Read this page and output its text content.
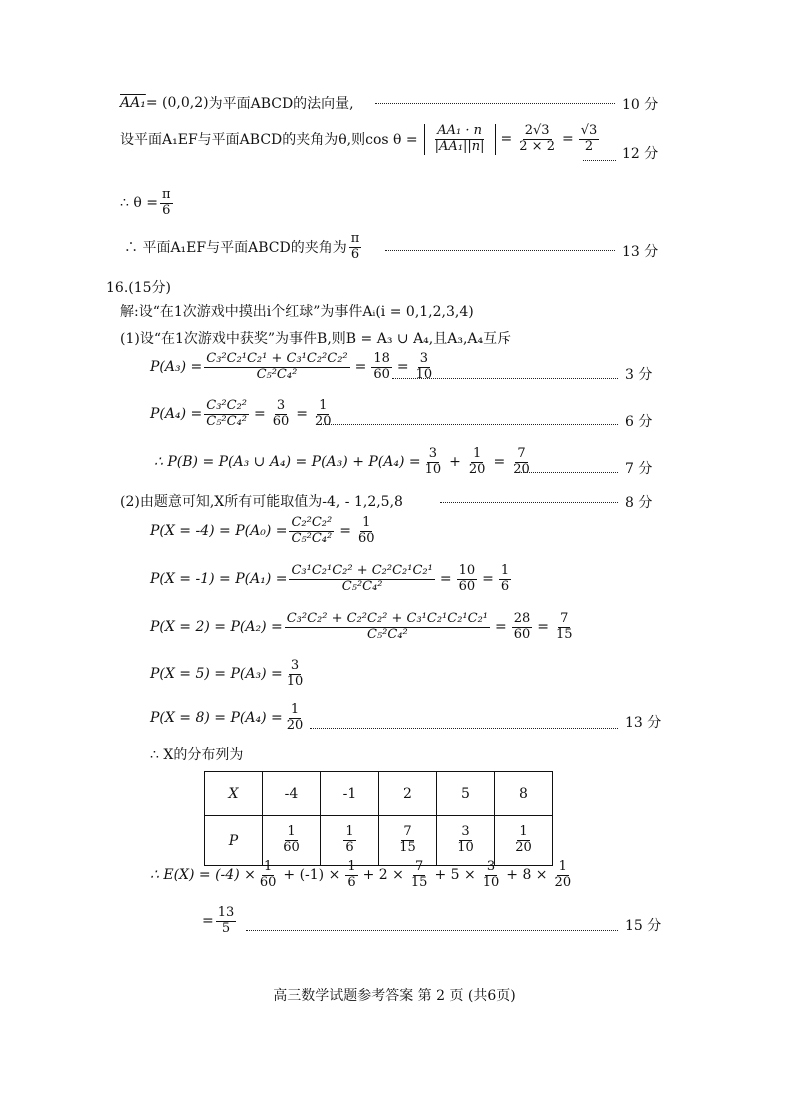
AA₁ = (0,0,2) 为平面ABCD的法向量,	10 分
设平面A₁EF与平面ABCD的夹角为θ,则$\cos \theta = \frac{\text{AA₁ · n}}{\text{|AA₁||n|}} = \frac{2√3}{2 \times 2} = \frac{√3}{2} 12$ 分
∴ $\theta = \frac{\pi}{6}$
∴ 平面A₁EF与平面ABCD的夹角为 $\frac{\pi}{6}$	13 分
16.(15分)
解:设“在1次游戏中摸出i个红球”为事件Aᵢ(i = 0,1,2,3,4)
(1)设“在1次游戏中获奖”为事件B,则B = A₃ ∪ A₄,且A₃,A₄互斥
$P(A_3) = \frac{\text{C₃²C₂¹C₂¹ + C₃¹C₂²C₂²}}{\text{C₅²C₄²}} = \frac{18}{60} = \frac{3}{10}$	3 分
$P(A_4) = \frac{\text{C₃²C₂²}}{\text{C₅²C₄²}} = \frac{3}{60} = \frac{1}{20}$	6 分
∴ P(B) = P(A₃ ∪ $A_4) = P(A_3) + P(A_4) = \frac{3}{10} + \frac{1}{20} = \frac{7}{20}$	7 分
(2)由题意可知,X所有可能取值为-4, - 1,2,5,8	8 分
$P(X = -4) = P(A_0) = \frac{\text{C₂²C₂²}}{\text{C₅²C₄²}} = \frac{1}{60}$
$P(X = -1) = P(A_1) = \frac{\text{C₃¹C₂¹C₂² + C₂²C₂¹C₂¹}}{\text{C₅²C₄²}} = \frac{10}{60} = \frac{1}{6}$
$P(X = 2) = P(A_2) = \frac{\text{C₃²C₂² + C₂²C₂² + C₃¹C₂¹C₂¹C₂¹}}{\text{C₅²C₄²}} = \frac{28}{60} = \frac{7}{15}$
$P(X = 5) = P(A_3) = \frac{3}{10}$
$P(X = 8) = P(A_4) = \frac{1}{20}$	13 分
∴ X的分布列为
X	-4	-1	2	5	8
P	$\frac{1}{60}$	$\frac{1}{6}$	$\frac{7}{15}$	$\frac{3}{10}$	$\frac{1}{20}$
∴ $E(X) = (-4) \times \frac{1}{60} + (-1) \times \frac{1}{6} + 2 \times \frac{7}{15} + 5 \times \frac{3}{10} + 8 \times \frac{1}{20}$
= $\frac{13}{5}$	15 分
高三数学试题参考答案 第 2 页 (共6页)
